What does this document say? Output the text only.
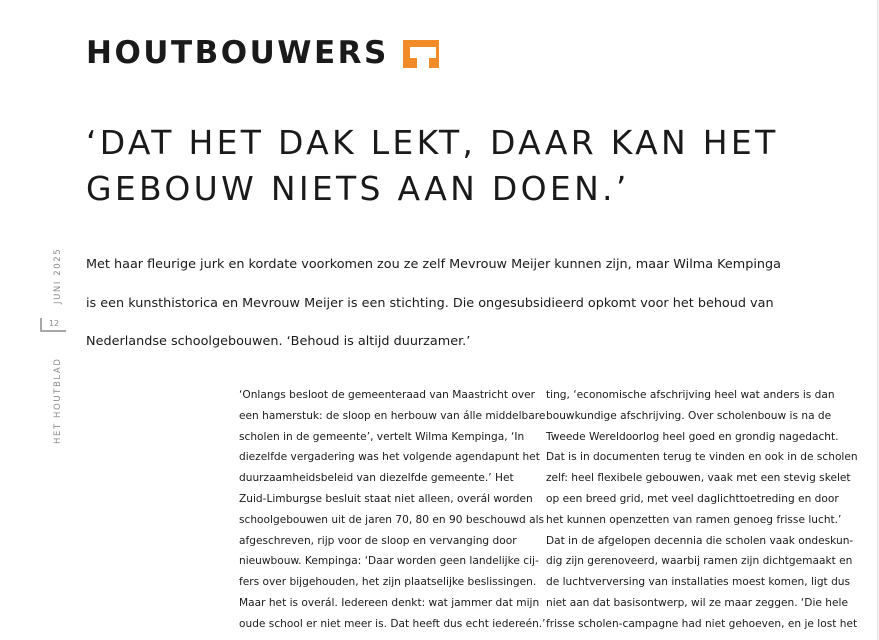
HOUTBOUWERS
‘DAT HET DAK LEKT, DAAR KAN HET
GEBOUW NIETS AAN DOEN.’

Met haar fleurige jurk en kordate voorkomen zou ze zelf Mevrouw Meijer kunnen zijn, maar Wilma Kempinga is een kunsthistorica en Mevrouw Meijer is een stichting. Die ongesubsidieerd opkomt voor het behoud van Nederlandse schoolgebouwen. ‘Behoud is altijd duurzamer.’

JUNI 2025
12
HET HOUTBLAD	‘Onlangs besloot de gemeenteraad van Maastricht over
een hamerstuk: de sloop en herbouw van álle middelbare
scholen in de gemeente’, vertelt Wilma Kempinga, ‘In
diezelfde vergadering was het volgende agendapunt het
duurzaamheidsbeleid van diezelfde gemeente.’ Het
Zuid-Limburgse besluit staat niet alleen, overál worden
schoolgebouwen uit de jaren 70, 80 en 90 beschouwd als
afgeschreven, rijp voor de sloop en vervanging door
nieuwbouw. Kempinga: ‘Daar worden geen landelijke cij-
fers over bijgehouden, het zijn plaatselijke beslissingen.
Maar het is overál. Iedereen denkt: wat jammer dat mijn
oude school er niet meer is. Dat heeft dus echt iedereén.’
ting, ‘economische afschrijving heel wat anders is dan
bouwkundige afschrijving. Over scholenbouw is na de
Tweede Wereldoorlog heel goed en grondig nagedacht.
Dat is in documenten terug te vinden en ook in de scholen
zelf: heel flexibele gebouwen, vaak met een stevig skelet
op een breed grid, met veel daglichttoetreding en door
het kunnen openzetten van ramen genoeg frisse lucht.’
Dat in de afgelopen decennia die scholen vaak ondeskun-
dig zijn gerenoveerd, waarbij ramen zijn dichtgemaakt en
de luchtverversing van installaties moest komen, ligt dus
niet aan dat basisontwerp, wil ze maar zeggen. ‘Die hele
frisse scholen-campagne had niet gehoeven, en je lost het
